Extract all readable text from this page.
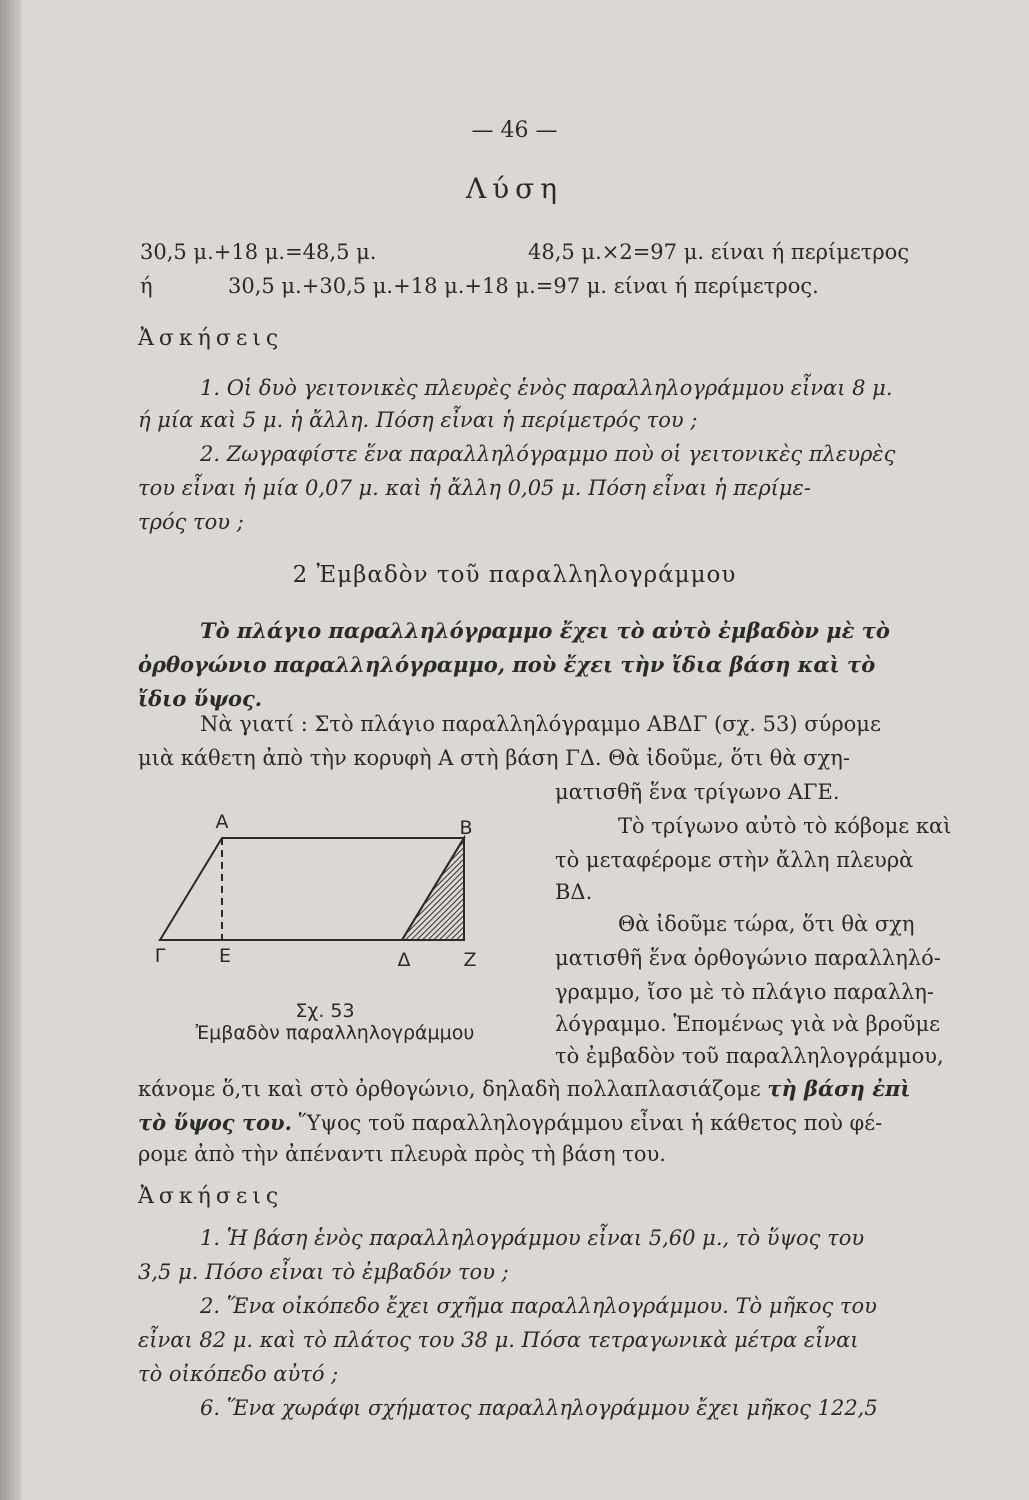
— 46 —
Λύση
30,5 μ.+18 μ.=48,5 μ.	48,5 μ.×2=97 μ. είναι ή περίμετρος
ή	30,5 μ.+30,5 μ.+18 μ.+18 μ.=97 μ. είναι ή περίμετρος.
Ἀσκήσεις
1. Οἱ δυὸ γειτονικὲς πλευρὲς ἑνὸς παραλληλογράμμου εἶναι 8 μ.
ή μία καὶ 5 μ. ἡ ἄλλη. Πόση εἶναι ἡ περίμετρός του ;
2. Ζωγραφίστε ἕνα παραλληλόγραμμο ποὺ οἱ γειτονικὲς πλευρὲς
του εἶναι ἡ μία 0,07 μ. καὶ ἡ ἄλλη 0,05 μ. Πόση εἶναι ἡ περίμε-
τρός του ;
2 Ἐμβαδὸν τοῦ παραλληλογράμμου
Τὸ πλάγιο παραλληλόγραμμο ἔχει τὸ αὐτὸ ἐμβαδὸν μὲ τὸ
ὀρθογώνιο παραλληλόγραμμο, ποὺ ἔχει τὴν ἴδια βάση καὶ τὸ
ἴδιο ὕψος.
Νὰ γιατί : Στὸ πλάγιο παραλληλόγραμμο ΑΒΔΓ (σχ. 53) σύρομε
μιὰ κάθετη ἀπὸ τὴν κορυφὴ Α στὴ βάση ΓΔ. Θὰ ἰδοῦμε, ὅτι θὰ σχη-
ματισθῆ ἕνα τρίγωνο ΑΓΕ.
Τὸ τρίγωνο αὐτὸ τὸ κόβομε καὶ
τὸ μεταφέρομε στὴν ἄλλη πλευρὰ
ΒΔ.
Θὰ ἰδοῦμε τώρα, ὅτι θὰ σχη
ματισθῆ ἕνα ὀρθογώνιο παραλληλό-
γραμμο, ἴσο μὲ τὸ πλάγιο παραλλη-
λόγραμμο. Ἑπομένως γιὰ νὰ βροῦμε
τὸ ἐμβαδὸν τοῦ παραλληλογράμμου,
κάνομε ὅ,τι καὶ στὸ ὀρθογώνιο, δηλαδὴ πολλαπλασιάζομε τὴ βάση ἐπὶ
τὸ ὕψος του. Ὕψος τοῦ παραλληλογράμμου εἶναι ἡ κάθετος ποὺ φέ-
ρομε ἀπὸ τὴν ἀπέναντι πλευρὰ πρὸς τὴ βάση του.
A	B
Γ	Ε	Δ	Ζ
Σχ. 53
Ἐμβαδὸν παραλληλογράμμου
Ἀσκήσεις
1. Ἡ βάση ἑνὸς παραλληλογράμμου εἶναι 5,60 μ., τὸ ὕψος του
3,5 μ. Πόσο εἶναι τὸ ἐμβαδόν του ;
2. Ἕνα οἰκόπεδο ἔχει σχῆμα παραλληλογράμμου. Τὸ μῆκος του
εἶναι 82 μ. καὶ τὸ πλάτος του 38 μ. Πόσα τετραγωνικὰ μέτρα εἶναι
τὸ οἰκόπεδο αὐτό ;
6. Ἕνα χωράφι σχήματος παραλληλογράμμου ἔχει μῆκος 122,5
